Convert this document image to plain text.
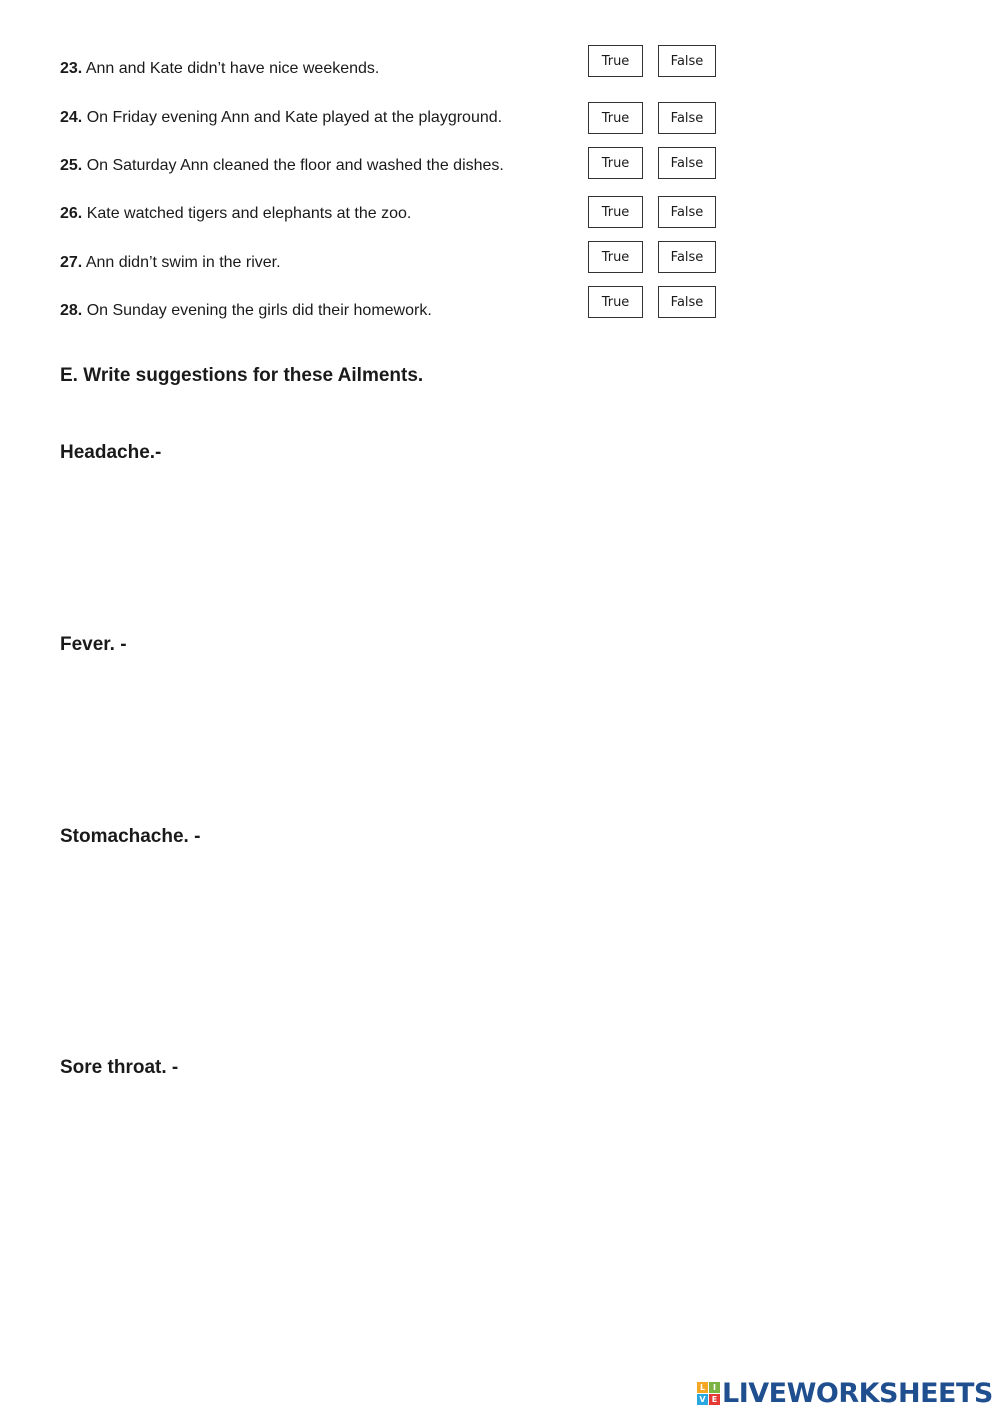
23. Ann and Kate didn’t have nice weekends.	True	False
24. On Friday evening Ann and Kate played at the playground.	True	False
25. On Saturday Ann cleaned the floor and washed the dishes.	True	False
26. Kate watched tigers and elephants at the zoo.	True	False
27. Ann didn’t swim in the river.	True	False
28. On Sunday evening the girls did their homework.	True	False
E. Write suggestions for these Ailments.
Headache.-
Fever. -
Stomachache. -
Sore throat. -
L I
V E LIVEWORKSHEETS
